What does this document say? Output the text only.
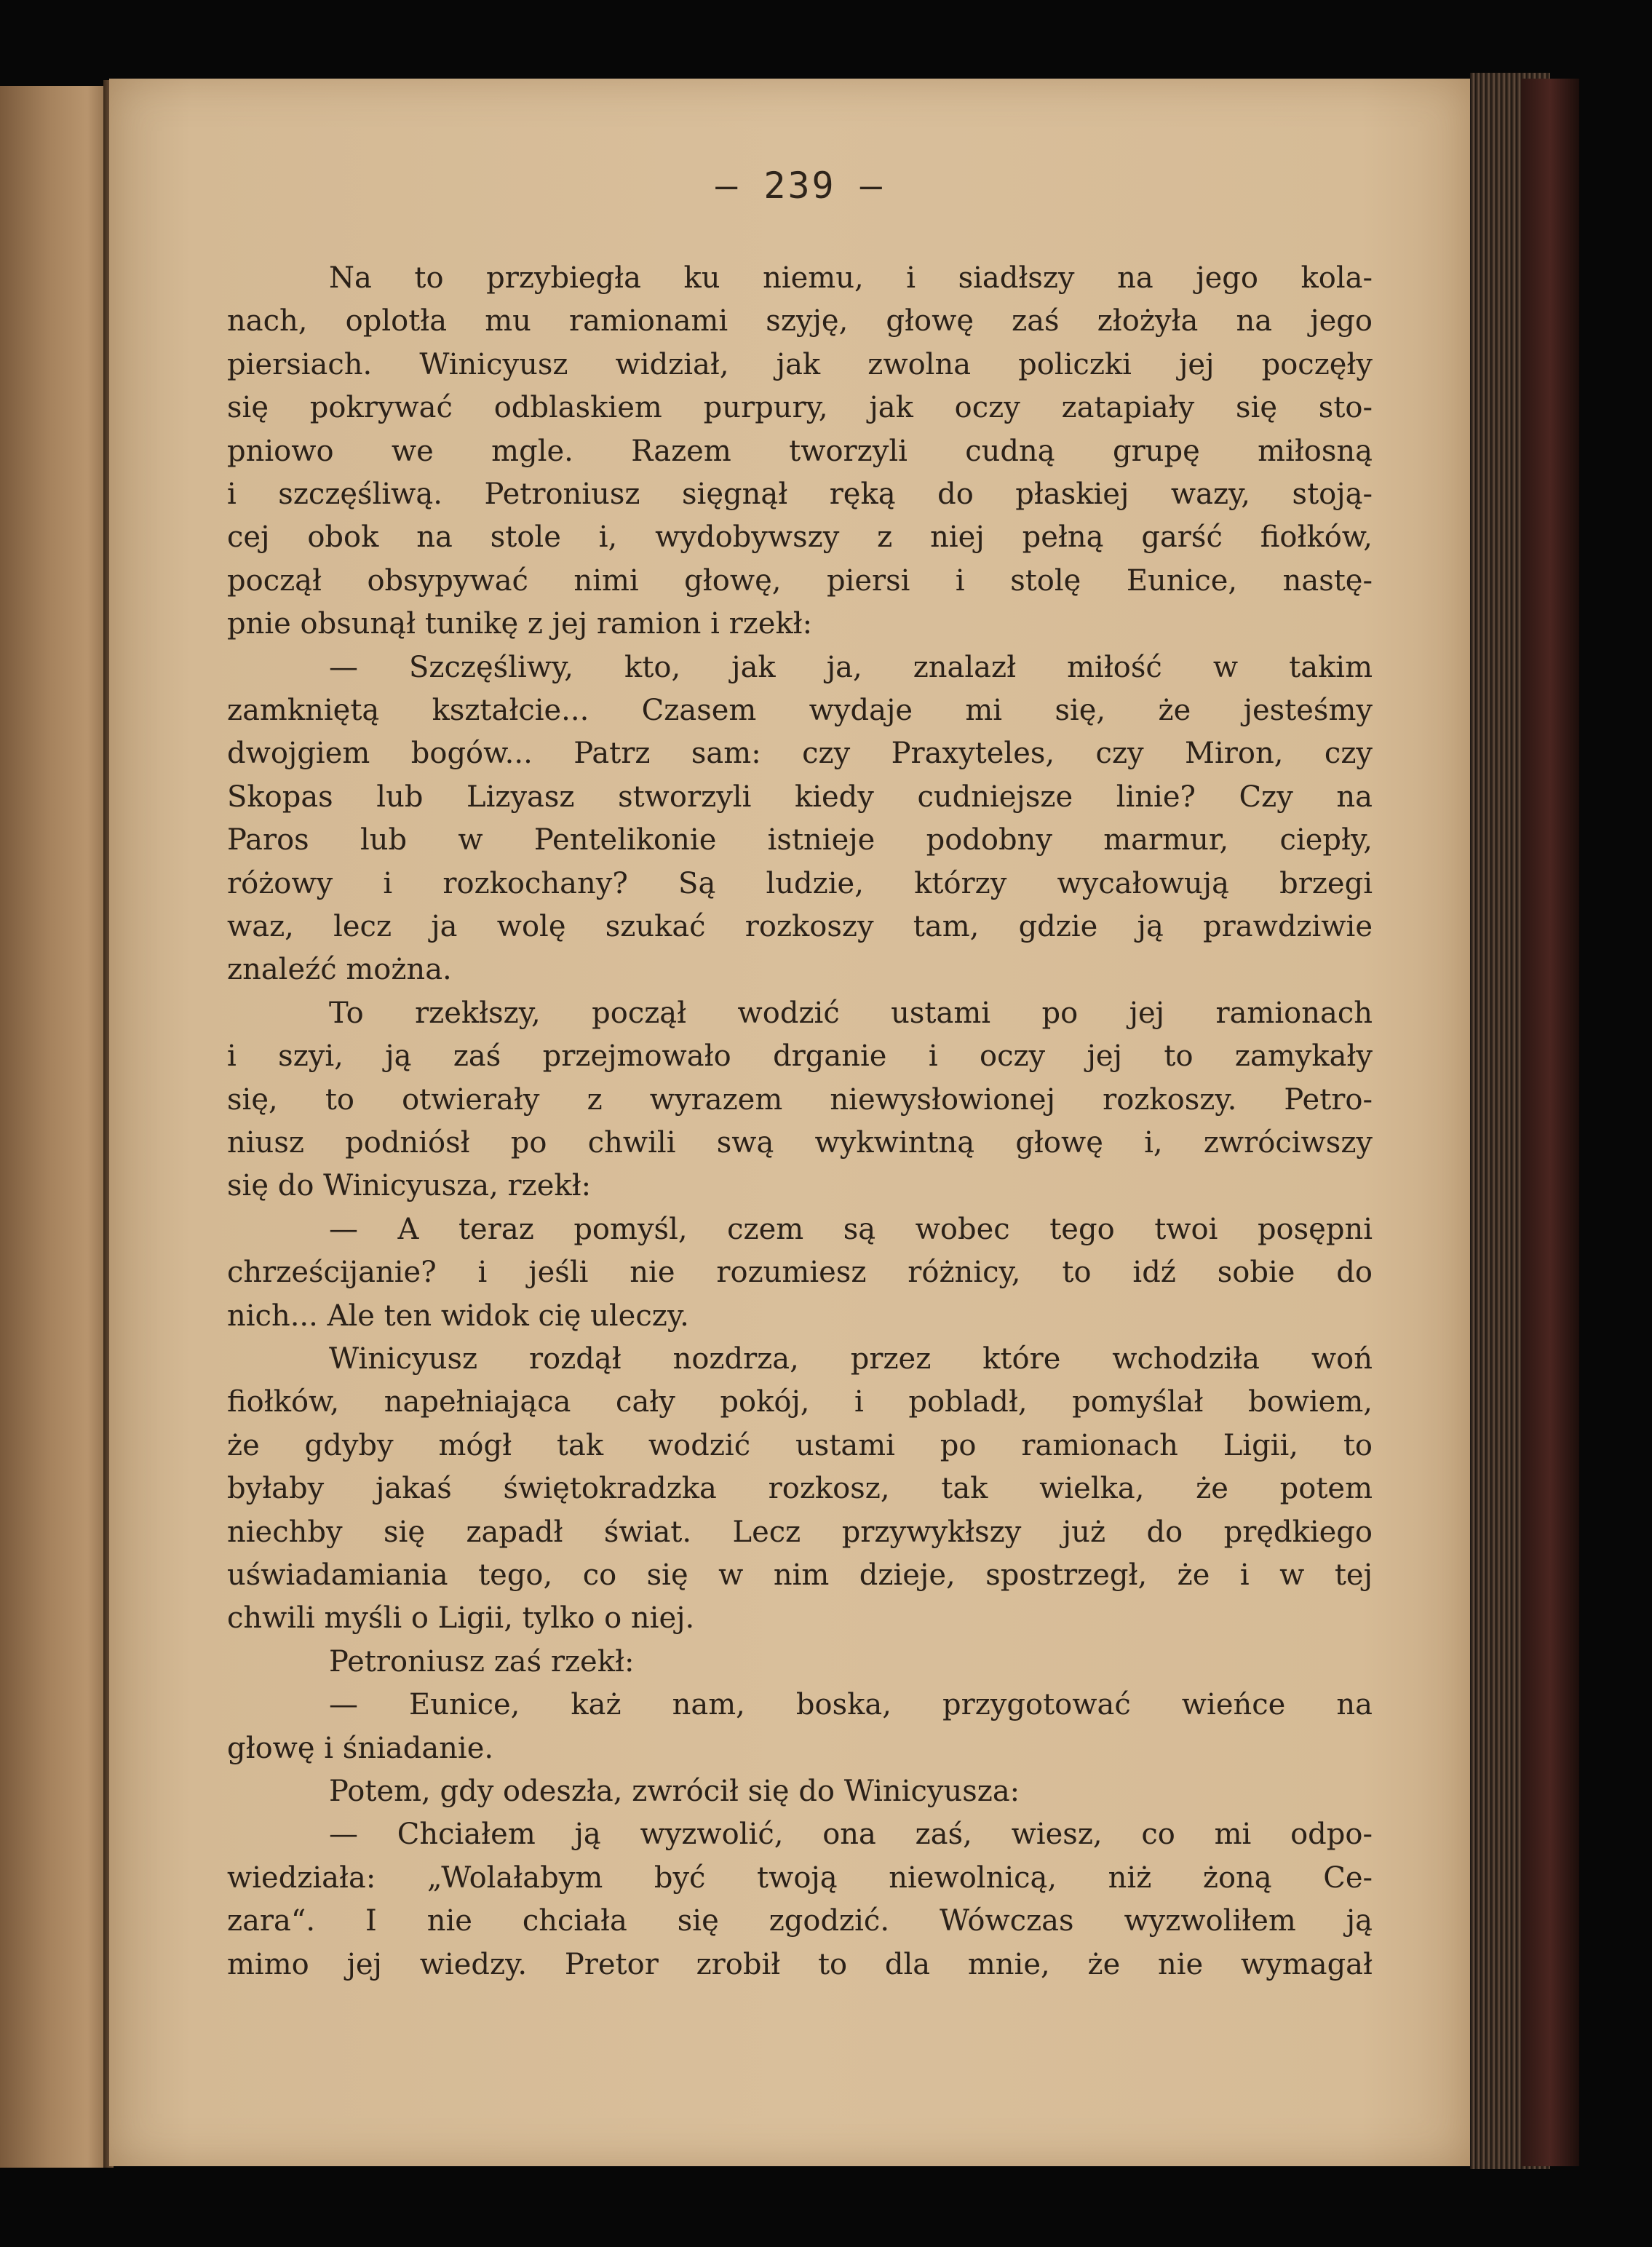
— 239 —
Na to przybiegła ku niemu, i siadłszy na jego kola-
nach, oplotła mu ramionami szyję, głowę zaś złożyła na jego
piersiach. Winicyusz widział, jak zwolna policzki jej poczęły
się pokrywać odblaskiem purpury, jak oczy zatapiały się sto-
pniowo we mgle. Razem tworzyli cudną grupę miłosną
i szczęśliwą. Petroniusz sięgnął ręką do płaskiej wazy, stoją-
cej obok na stole i, wydobywszy z niej pełną garść fiołków,
począł obsypywać nimi głowę, piersi i stolę Eunice, nastę-
pnie obsunął tunikę z jej ramion i rzekł:
— Szczęśliwy, kto, jak ja, znalazł miłość w takim
zamkniętą kształcie... Czasem wydaje mi się, że jesteśmy
dwojgiem bogów... Patrz sam: czy Praxyteles, czy Miron, czy
Skopas lub Lizyasz stworzyli kiedy cudniejsze linie? Czy na
Paros lub w Pentelikonie istnieje podobny marmur, ciepły,
różowy i rozkochany? Są ludzie, którzy wycałowują brzegi
waz, lecz ja wolę szukać rozkoszy tam, gdzie ją prawdziwie
znaleźć można.
To rzekłszy, począł wodzić ustami po jej ramionach
i szyi, ją zaś przejmowało drganie i oczy jej to zamykały
się, to otwierały z wyrazem niewysłowionej rozkoszy. Petro-
niusz podniósł po chwili swą wykwintną głowę i, zwróciwszy
się do Winicyusza, rzekł:
— A teraz pomyśl, czem są wobec tego twoi posępni
chrześcijanie? i jeśli nie rozumiesz różnicy, to idź sobie do
nich... Ale ten widok cię uleczy.
Winicyusz rozdął nozdrza, przez które wchodziła woń
fiołków, napełniająca cały pokój, i pobladł, pomyślał bowiem,
że gdyby mógł tak wodzić ustami po ramionach Ligii, to
byłaby jakaś świętokradzka rozkosz, tak wielka, że potem
niechby się zapadł świat. Lecz przywykłszy już do prędkiego
uświadamiania tego, co się w nim dzieje, spostrzegł, że i w tej
chwili myśli o Ligii, tylko o niej.
Petroniusz zaś rzekł:
— Eunice, każ nam, boska, przygotować wieńce na
głowę i śniadanie.
Potem, gdy odeszła, zwrócił się do Winicyusza:
— Chciałem ją wyzwolić, ona zaś, wiesz, co mi odpo-
wiedziała: „Wolałabym być twoją niewolnicą, niż żoną Ce-
zara“. I nie chciała się zgodzić. Wówczas wyzwoliłem ją
mimo jej wiedzy. Pretor zrobił to dla mnie, że nie wymagał
